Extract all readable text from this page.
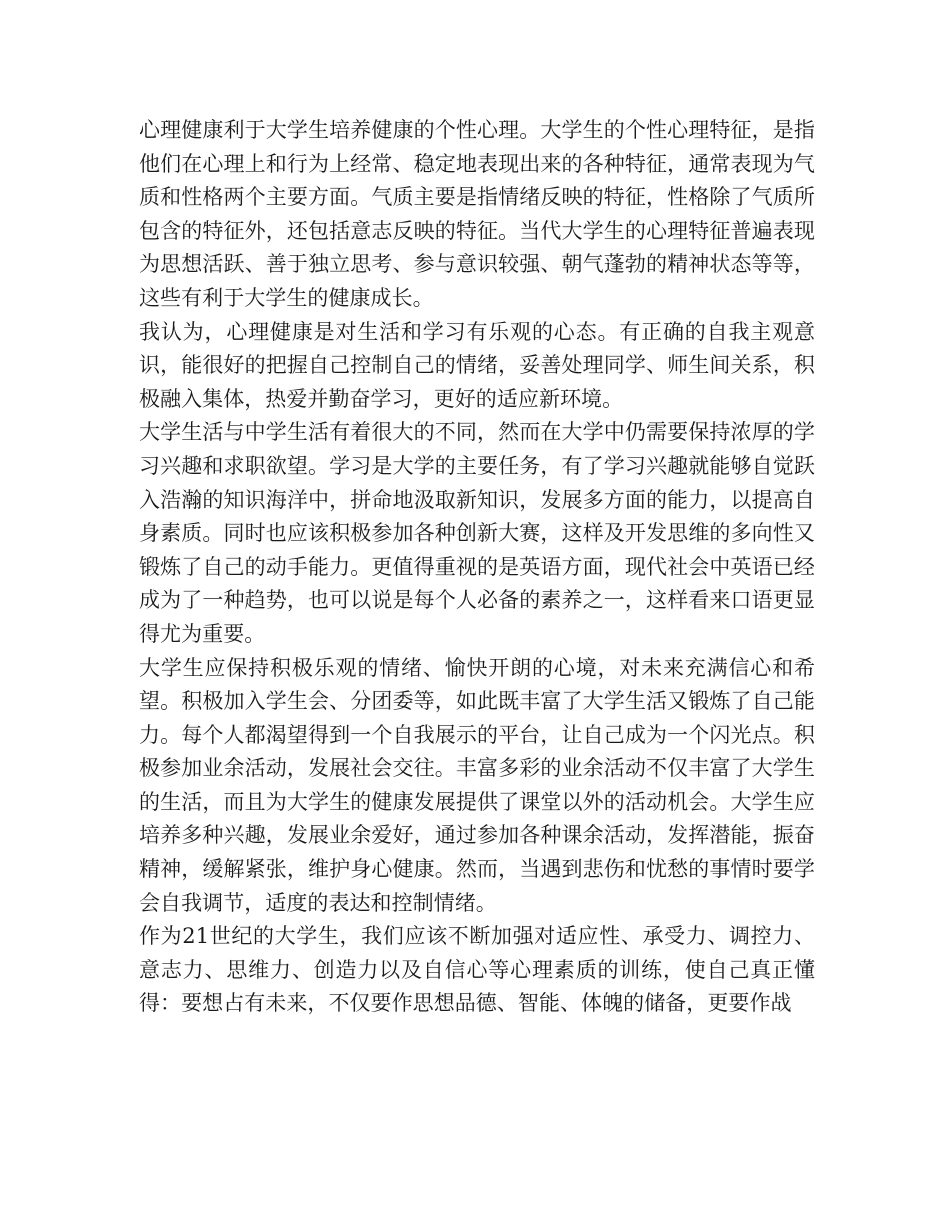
心理健康利于大学生培养健康的个性心理。大学生的个性心理特征，是指他们在心理上和行为上经常、稳定地表现出来的各种特征，通常表现为气质和性格两个主要方面。气质主要是指情绪反映的特征，性格除了气质所包含的特征外，还包括意志反映的特征。当代大学生的心理特征普遍表现为思想活跃、善于独立思考、参与意识较强、朝气蓬勃的精神状态等等，这些有利于大学生的健康成长。

我认为，心理健康是对生活和学习有乐观的心态。有正确的自我主观意识，能很好的把握自己控制自己的情绪，妥善处理同学、师生间关系，积极融入集体，热爱并勤奋学习，更好的适应新环境。

大学生活与中学生活有着很大的不同，然而在大学中仍需要保持浓厚的学习兴趣和求职欲望。学习是大学的主要任务，有了学习兴趣就能够自觉跃入浩瀚的知识海洋中，拼命地汲取新知识，发展多方面的能力，以提高自身素质。同时也应该积极参加各种创新大赛，这样及开发思维的多向性又锻炼了自己的动手能力。更值得重视的是英语方面，现代社会中英语已经成为了一种趋势，也可以说是每个人必备的素养之一，这样看来口语更显得尤为重要。

大学生应保持积极乐观的情绪、愉快开朗的心境，对未来充满信心和希望。积极加入学生会、分团委等，如此既丰富了大学生活又锻炼了自己能力。每个人都渴望得到一个自我展示的平台，让自己成为一个闪光点。积极参加业余活动，发展社会交往。丰富多彩的业余活动不仅丰富了大学生的生活，而且为大学生的健康发展提供了课堂以外的活动机会。大学生应培养多种兴趣，发展业余爱好，通过参加各种课余活动，发挥潜能，振奋精神，缓解紧张，维护身心健康。然而，当遇到悲伤和忧愁的事情时要学会自我调节，适度的表达和控制情绪。

作为21世纪的大学生，我们应该不断加强对适应性、承受力、调控力、意志力、思维力、创造力以及自信心等心理素质的训练，使自己真正懂得：要想占有未来，不仅要作思想品德、智能、体魄的储备，更要作战
